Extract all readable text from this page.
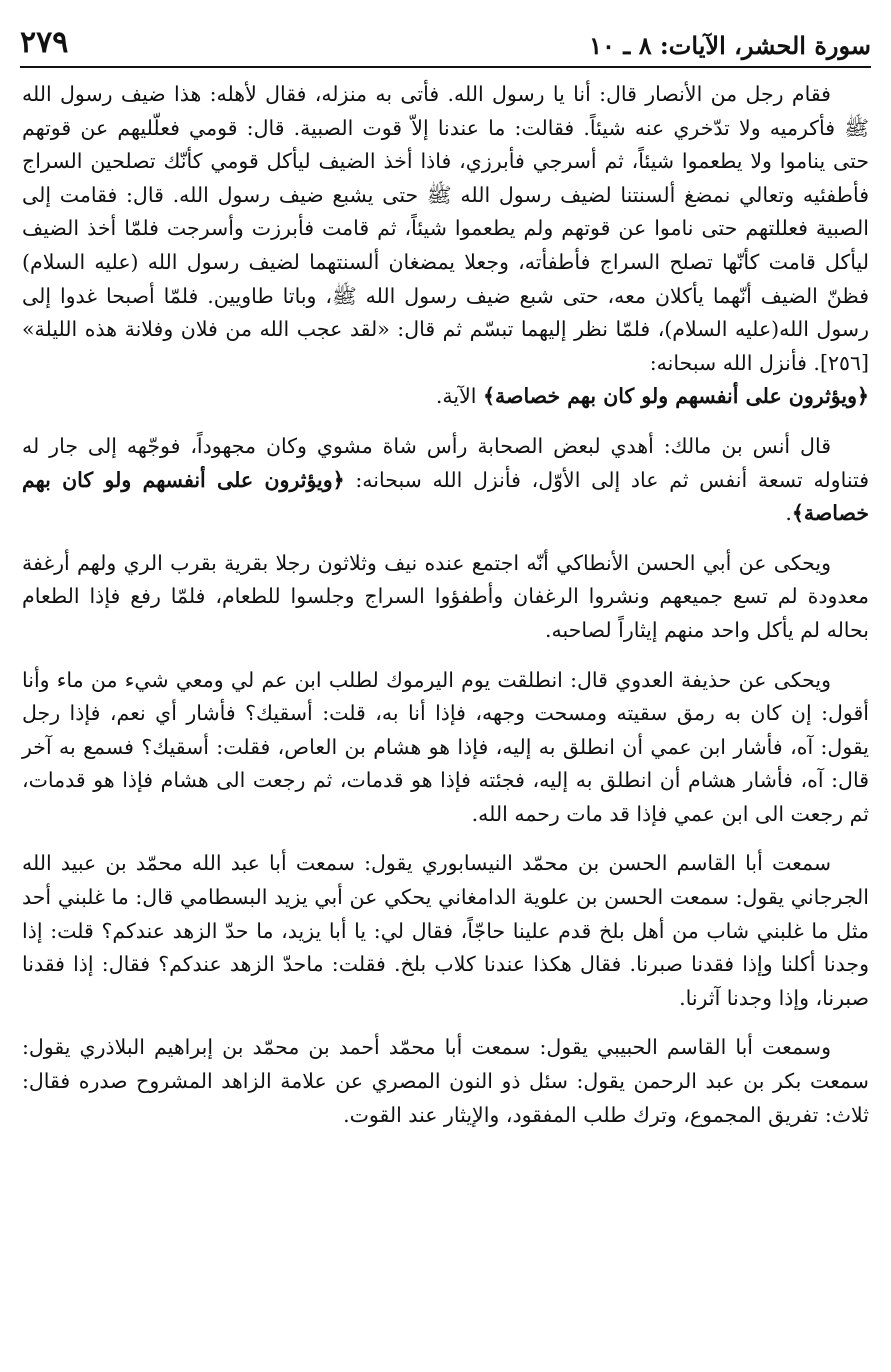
سورة الحشر، الآيات: ٨ ـ ١٠
٢٧٩

فقام رجل من الأنصار قال: أنا يا رسول الله. فأتى به منزله، فقال لأهله: هذا ضيف رسول الله ﷺ فأكرميه ولا تدّخري عنه شيئاً. فقالت: ما عندنا إلاّ قوت الصبية. قال: قومي فعلّليهم عن قوتهم حتى يناموا ولا يطعموا شيئاً، ثم أسرجي فأبرزي، فاذا أخذ الضيف ليأكل قومي كأنّك تصلحين السراج فأطفئيه وتعالي نمضغ ألسنتنا لضيف رسول الله ﷺ حتى يشبع ضيف رسول الله. قال: فقامت إلى الصبية فعللتهم حتى ناموا عن قوتهم ولم يطعموا شيئاً، ثم قامت فأبرزت وأسرجت فلمّا أخذ الضيف ليأكل قامت كأنّها تصلح السراج فأطفأته، وجعلا يمضغان ألسنتهما لضيف رسول الله (عليه السلام) فظنّ الضيف أنّهما يأكلان معه، حتى شبع ضيف رسول الله ﷺ، وباتا طاويين. فلمّا أصبحا غدوا إلى رسول الله(عليه السلام)، فلمّا نظر إليهما تبسّم ثم قال: «لقد عجب الله من فلان وفلانة هذه الليلة» [٢٥٦]. فأنزل الله سبحانه:
﴿ويؤثرون على أنفسهم ولو كان بهم خصاصة﴾ الآية.

قال أنس بن مالك: أهدي لبعض الصحابة رأس شاة مشوي وكان مجهوداً، فوجّهه إلى جار له فتناوله تسعة أنفس ثم عاد إلى الأوّل، فأنزل الله سبحانه: ﴿ويؤثرون على أنفسهم ولو كان بهم خصاصة﴾.

ويحكى عن أبي الحسن الأنطاكي أنّه اجتمع عنده نيف وثلاثون رجلا بقرية بقرب الري ولهم أرغفة معدودة لم تسع جميعهم ونشروا الرغفان وأطفؤوا السراج وجلسوا للطعام، فلمّا رفع فإذا الطعام بحاله لم يأكل واحد منهم إيثاراً لصاحبه.

ويحكى عن حذيفة العدوي قال: انطلقت يوم اليرموك لطلب ابن عم لي ومعي شيء من ماء وأنا أقول: إن كان به رمق سقيته ومسحت وجهه، فإذا أنا به، قلت: أسقيك؟ فأشار أي نعم، فإذا رجل يقول: آه، فأشار ابن عمي أن انطلق به إليه، فإذا هو هشام بن العاص، فقلت: أسقيك؟ فسمع به آخر قال: آه، فأشار هشام أن انطلق به إليه، فجئته فإذا هو قدمات، ثم رجعت الى هشام فإذا هو قدمات، ثم رجعت الى ابن عمي فإذا قد مات رحمه الله.

سمعت أبا القاسم الحسن بن محمّد النيسابوري يقول: سمعت أبا عبد الله محمّد بن عبيد الله الجرجاني يقول: سمعت الحسن بن علوية الدامغاني يحكي عن أبي يزيد البسطامي قال: ما غلبني أحد مثل ما غلبني شاب من أهل بلخ قدم علينا حاجّاً، فقال لي: يا أبا يزيد، ما حدّ الزهد عندكم؟ قلت: إذا وجدنا أكلنا وإذا فقدنا صبرنا. فقال هكذا عندنا كلاب بلخ. فقلت: ماحدّ الزهد عندكم؟ فقال: إذا فقدنا صبرنا، وإذا وجدنا آثرنا.

وسمعت أبا القاسم الحبيبي يقول: سمعت أبا محمّد أحمد بن محمّد بن إبراهيم البلاذري يقول: سمعت بكر بن عبد الرحمن يقول: سئل ذو النون المصري عن علامة الزاهد المشروح صدره فقال: ثلاث: تفريق المجموع، وترك طلب المفقود، والإيثار عند القوت.
